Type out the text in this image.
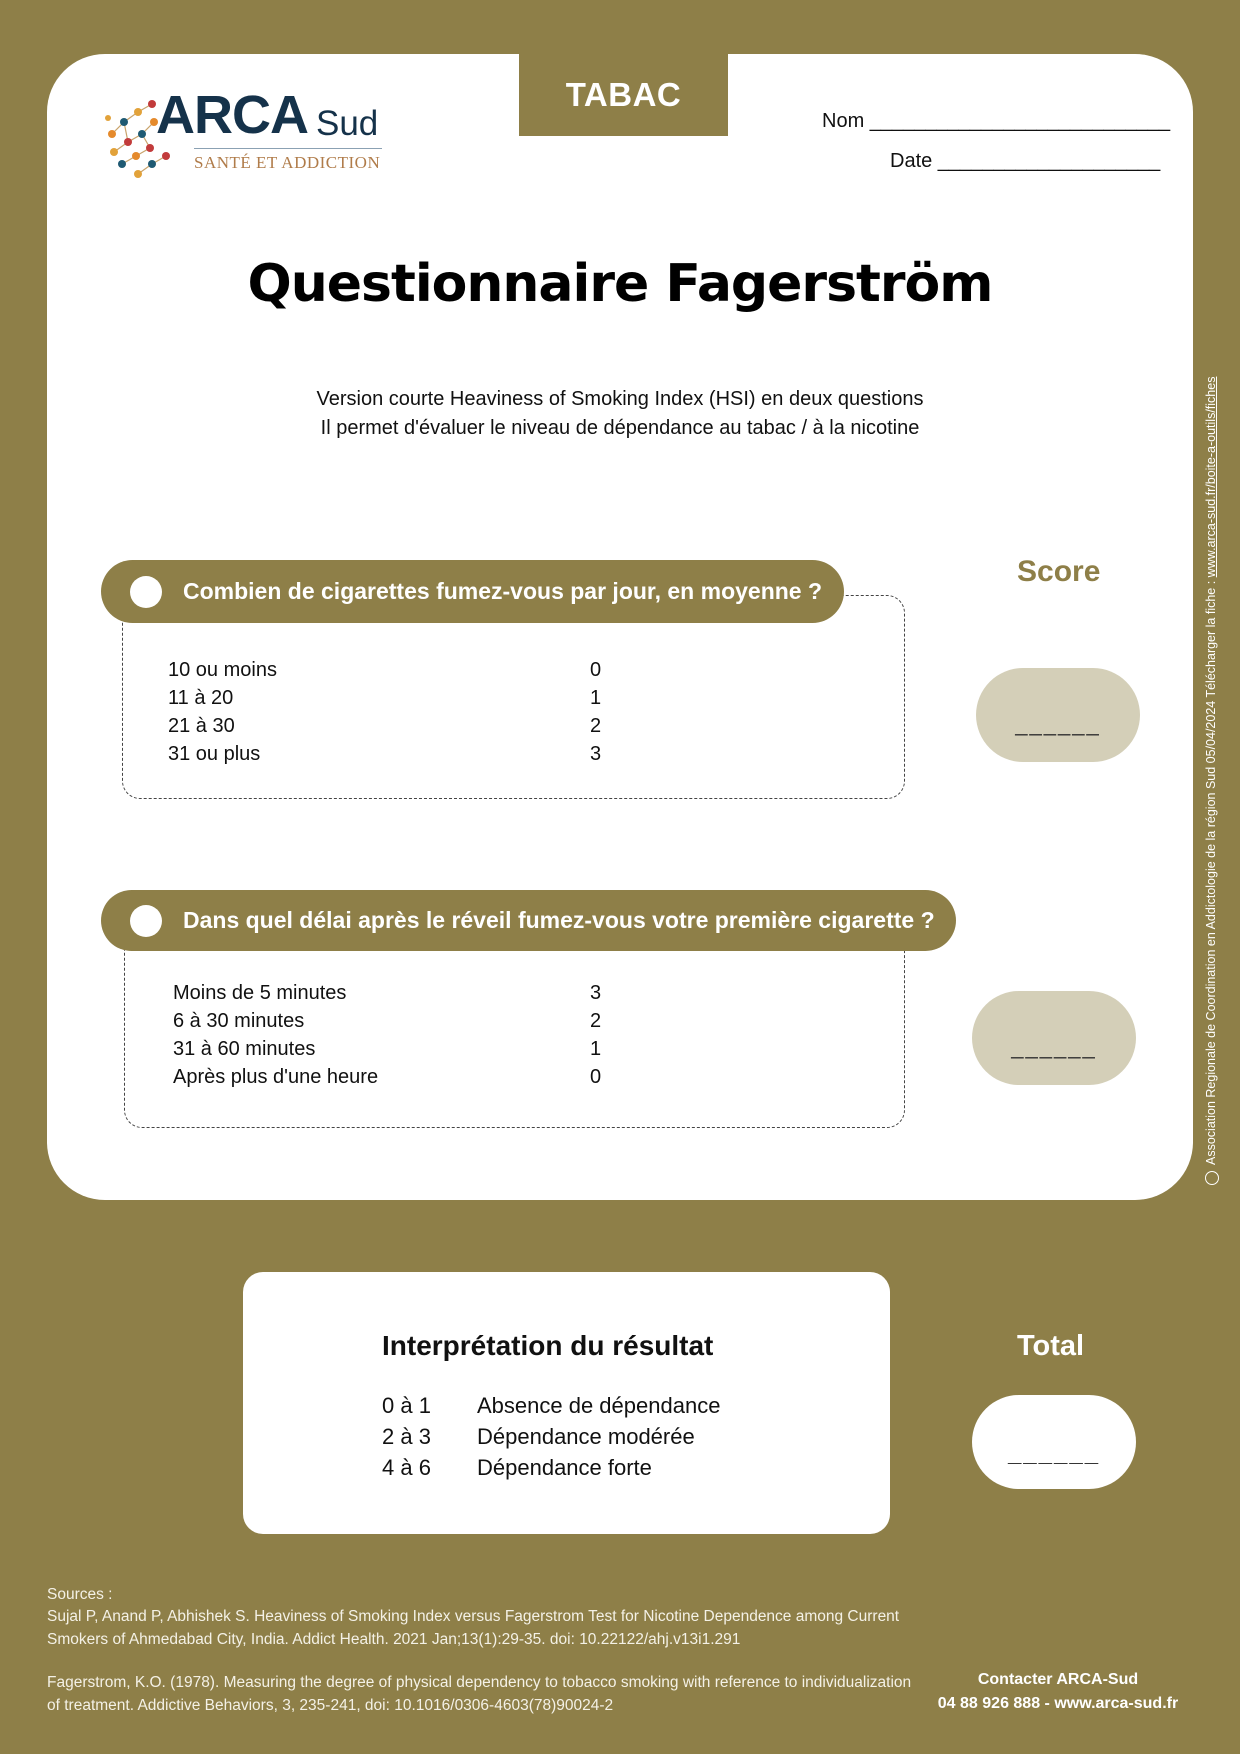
TABAC
ARCA Sud
SANTÉ ET ADDICTION
Nom ___________________________
Date ____________________
Questionnaire Fagerström
Version courte Heaviness of Smoking Index (HSI) en deux questions
Il permet d'évaluer le niveau de dépendance au tabac / à la nicotine
Association Regionale de Coordination en Addictologie de la région Sud 05/04/2024 Télécharger la fiche : www.arca-sud.fr/boite-a-outils/fiches
Score
Combien de cigarettes fumez-vous par jour, en moyenne ?
10 ou moins	0
11 à 20	1
21 à 30	2
31 ou plus	3
______
Dans quel délai après le réveil fumez-vous votre première cigarette ?
Moins de 5 minutes	3
6 à 30 minutes	2
31 à 60 minutes	1
Après plus d'une heure	0
______
Interprétation du résultat
0 à 1 Absence de dépendance
2 à 3 Dépendance modérée
4 à 6 Dépendance forte
Total
______
Sources :
Sujal P, Anand P, Abhishek S. Heaviness of Smoking Index versus Fagerstrom Test for Nicotine Dependence among Current Smokers of Ahmedabad City, India. Addict Health. 2021 Jan;13(1):29-35. doi: 10.22122/ahj.v13i1.291
Fagerstrom, K.O. (1978). Measuring the degree of physical dependency to tobacco smoking with reference to individualization of treatment. Addictive Behaviors, 3, 235-241, doi: 10.1016/0306-4603(78)90024-2
Contacter ARCA-Sud
04 88 926 888 - www.arca-sud.fr
